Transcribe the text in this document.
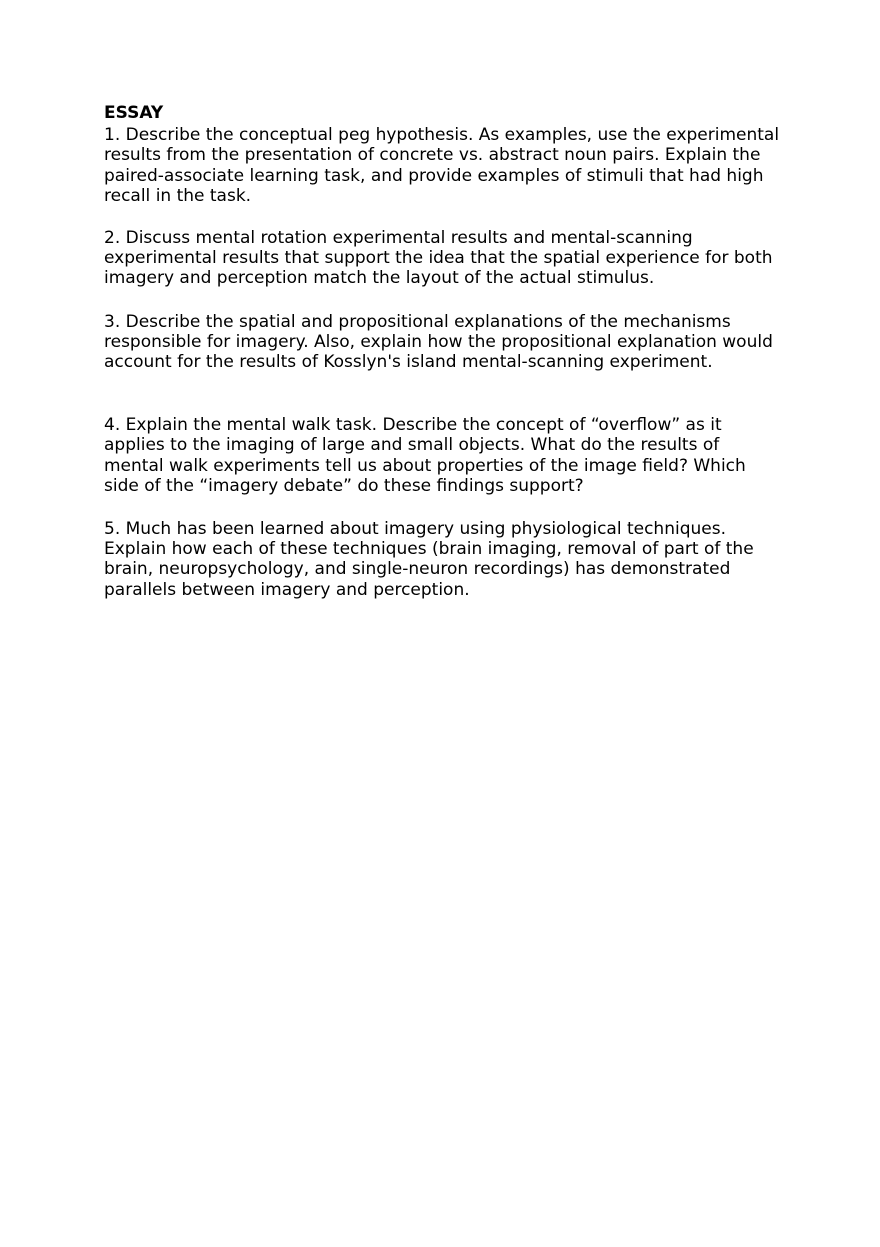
ESSAY

1. Describe the conceptual peg hypothesis. As examples, use the experimental results from the presentation of concrete vs. abstract noun pairs. Explain the paired-associate learning task, and provide examples of stimuli that had high recall in the task.

2. Discuss mental rotation experimental results and mental-scanning experimental results that support the idea that the spatial experience for both imagery and perception match the layout of the actual stimulus.

3. Describe the spatial and propositional explanations of the mechanisms responsible for imagery. Also, explain how the propositional explanation would account for the results of Kosslyn's island mental-scanning experiment.

4. Explain the mental walk task. Describe the concept of “overflow” as it applies to the imaging of large and small objects. What do the results of mental walk experiments tell us about properties of the image field? Which side of the “imagery debate” do these findings support?

5. Much has been learned about imagery using physiological techniques. Explain how each of these techniques (brain imaging, removal of part of the brain, neuropsychology, and single-neuron recordings) has demonstrated parallels between imagery and perception.
